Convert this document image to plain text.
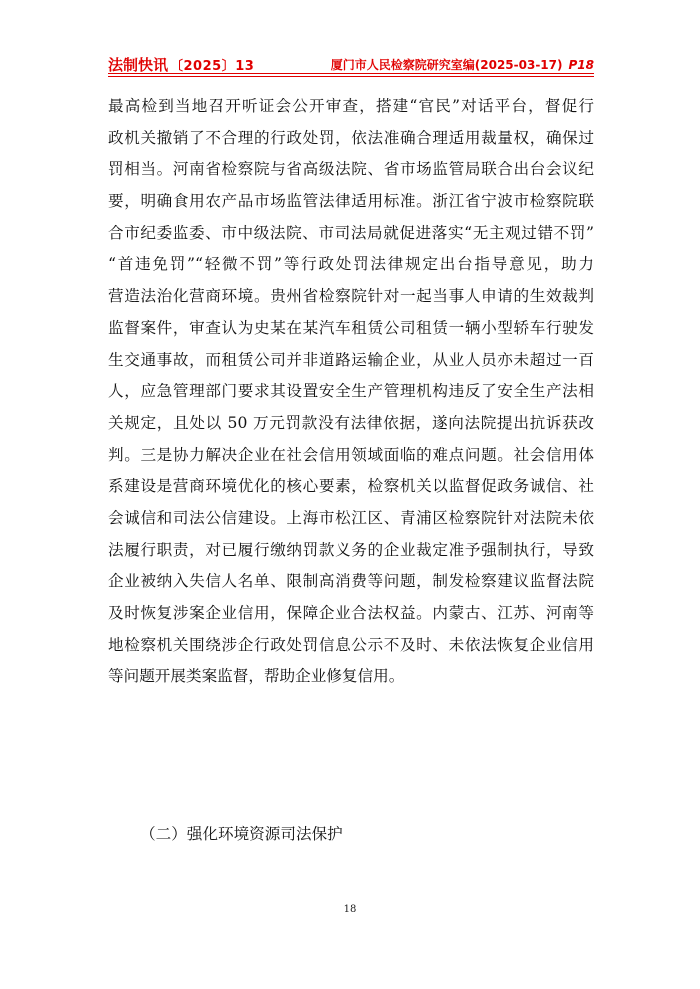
法制快讯 〔2025〕13	厦门市人民检察院研究室编(2025-03-17) P18
最高检到当地召开听证会公开审查，搭建“官民”对话平台，督促行
政机关撤销了不合理的行政处罚，依法准确合理适用裁量权，确保过
罚相当。河南省检察院与省高级法院、省市场监管局联合出台会议纪
要，明确食用农产品市场监管法律适用标准。浙江省宁波市检察院联
合市纪委监委、市中级法院、市司法局就促进落实“无主观过错不罚”
“首违免罚”“轻微不罚”等行政处罚法律规定出台指导意见，助力
营造法治化营商环境。贵州省检察院针对一起当事人申请的生效裁判
监督案件，审查认为史某在某汽车租赁公司租赁一辆小型轿车行驶发
生交通事故，而租赁公司并非道路运输企业，从业人员亦未超过一百
人，应急管理部门要求其设置安全生产管理机构违反了安全生产法相
关规定，且处以 50 万元罚款没有法律依据，遂向法院提出抗诉获改
判。三是协力解决企业在社会信用领域面临的难点问题。社会信用体
系建设是营商环境优化的核心要素，检察机关以监督促政务诚信、社
会诚信和司法公信建设。上海市松江区、青浦区检察院针对法院未依
法履行职责，对已履行缴纳罚款义务的企业裁定准予强制执行，导致
企业被纳入失信人名单、限制高消费等问题，制发检察建议监督法院
及时恢复涉案企业信用，保障企业合法权益。内蒙古、江苏、河南等
地检察机关围绕涉企行政处罚信息公示不及时、未依法恢复企业信用
等问题开展类案监督，帮助企业修复信用。
（二）强化环境资源司法保护
18
